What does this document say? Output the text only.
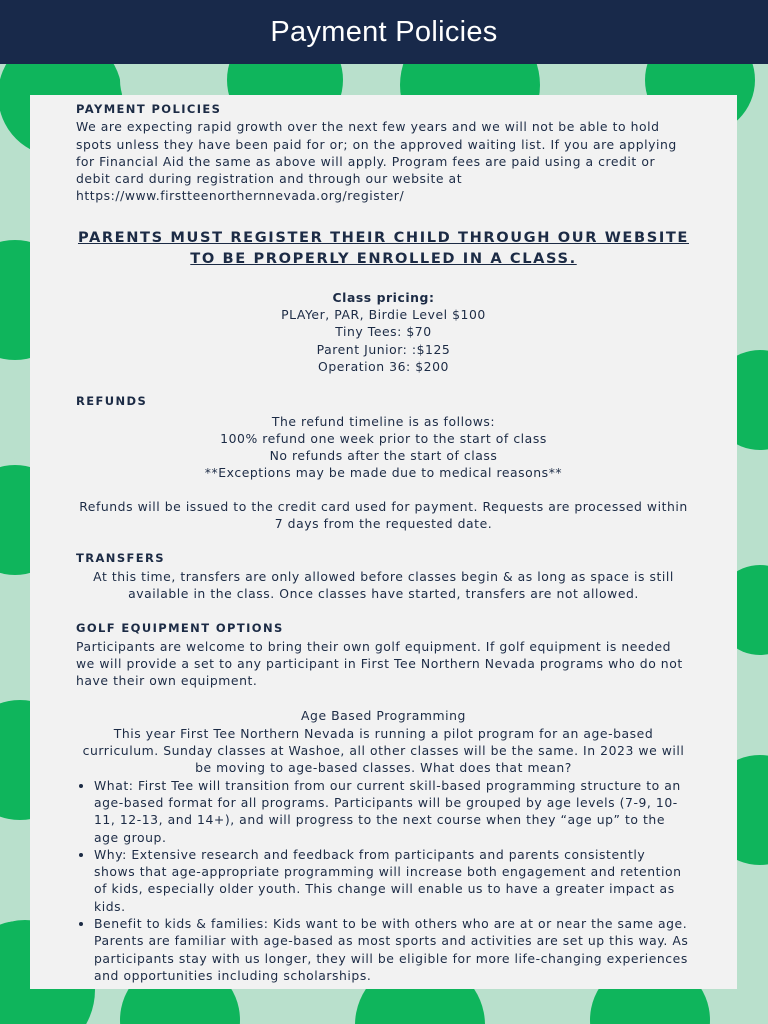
Payment Policies
PAYMENT POLICIES

We are expecting rapid growth over the next few years and we will not be able to hold spots unless they have been paid for or; on the approved waiting list. If you are applying for Financial Aid the same as above will apply. Program fees are paid using a credit or debit card during registration and through our website at https://www.firstteenorthernnevada.org/register/

PARENTS MUST REGISTER THEIR CHILD THROUGH OUR WEBSITE TO BE PROPERLY ENROLLED IN A CLASS.
Class pricing:
PLAYer, PAR, Birdie Level $100
Tiny Tees: $70
Parent Junior: :$125
Operation 36: $200
REFUNDS
The refund timeline is as follows:
100% refund one week prior to the start of class
No refunds after the start of class
**Exceptions may be made due to medical reasons**

Refunds will be issued to the credit card used for payment. Requests are processed within 7 days from the requested date.

TRANSFERS

At this time, transfers are only allowed before classes begin & as long as space is still available in the class. Once classes have started, transfers are not allowed.

GOLF EQUIPMENT OPTIONS

Participants are welcome to bring their own golf equipment. If golf equipment is needed we will provide a set to any participant in First Tee Northern Nevada programs who do not have their own equipment.

Age Based Programming

This year First Tee Northern Nevada is running a pilot program for an age-based curriculum. Sunday classes at Washoe, all other classes will be the same. In 2023 we will be moving to age-based classes. What does that mean?

• What: First Tee will transition from our current skill-based programming structure to an age-based format for all programs. Participants will be grouped by age levels (7-9, 10-11, 12-13, and 14+), and will progress to the next course when they “age up” to the age group.
• Why: Extensive research and feedback from participants and parents consistently shows that age-appropriate programming will increase both engagement and retention of kids, especially older youth. This change will enable us to have a greater impact as kids.
• Benefit to kids & families: Kids want to be with others who are at or near the same age. Parents are familiar with age-based as most sports and activities are set up this way. As participants stay with us longer, they will be eligible for more life-changing experiences and opportunities including scholarships.
